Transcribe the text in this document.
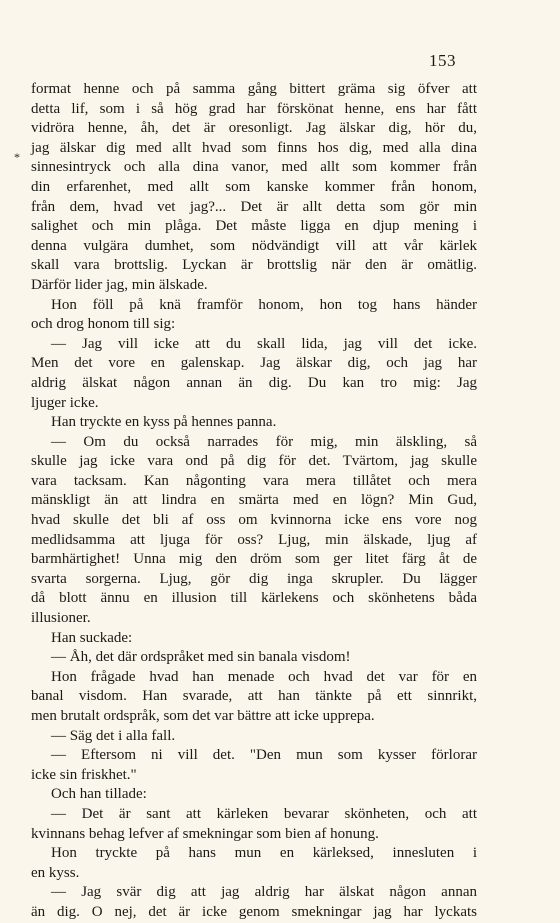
153
*
format henne och på samma gång bittert gräma sig öfver att
detta lif, som i så hög grad har förskönat henne, ens har fått
vidröra henne, åh, det är oresonligt. Jag älskar dig, hör du,
jag älskar dig med allt hvad som finns hos dig, med alla dina
sinnesintryck och alla dina vanor, med allt som kommer från
din erfarenhet, med allt som kanske kommer från honom,
från dem, hvad vet jag?... Det är allt detta som gör min
salighet och min plåga. Det måste ligga en djup mening i
denna vulgära dumhet, som nödvändigt vill att vår kärlek
skall vara brottslig. Lyckan är brottslig när den är omätlig.
Därför lider jag, min älskade.
Hon föll på knä framför honom, hon tog hans händer
och drog honom till sig:
— Jag vill icke att du skall lida, jag vill det icke.
Men det vore en galenskap. Jag älskar dig, och jag har
aldrig älskat någon annan än dig. Du kan tro mig: Jag
ljuger icke.
Han tryckte en kyss på hennes panna.
— Om du också narrades för mig, min älskling, så
skulle jag icke vara ond på dig för det. Tvärtom, jag skulle
vara tacksam. Kan någonting vara mera tillåtet och mera
mänskligt än att lindra en smärta med en lögn? Min Gud,
hvad skulle det bli af oss om kvinnorna icke ens vore nog
medlidsamma att ljuga för oss? Ljug, min älskade, ljug af
barmhärtighet! Unna mig den dröm som ger litet färg åt de
svarta sorgerna. Ljug, gör dig inga skrupler. Du lägger
då blott ännu en illusion till kärlekens och skönhetens båda
illusioner.
Han suckade:
— Åh, det där ordspråket med sin banala visdom!
Hon frågade hvad han menade och hvad det var för en
banal visdom. Han svarade, att han tänkte på ett sinnrikt,
men brutalt ordspråk, som det var bättre att icke upprepa.
— Säg det i alla fall.
— Eftersom ni vill det. "Den mun som kysser förlorar
icke sin friskhet."
Och han tillade:
— Det är sant att kärleken bevarar skönheten, och att
kvinnans behag lefver af smekningar som bien af honung.
Hon tryckte på hans mun en kärleksed, innesluten i
en kyss.
— Jag svär dig att jag aldrig har älskat någon annan
än dig. O nej, det är icke genom smekningar jag har lyckats
